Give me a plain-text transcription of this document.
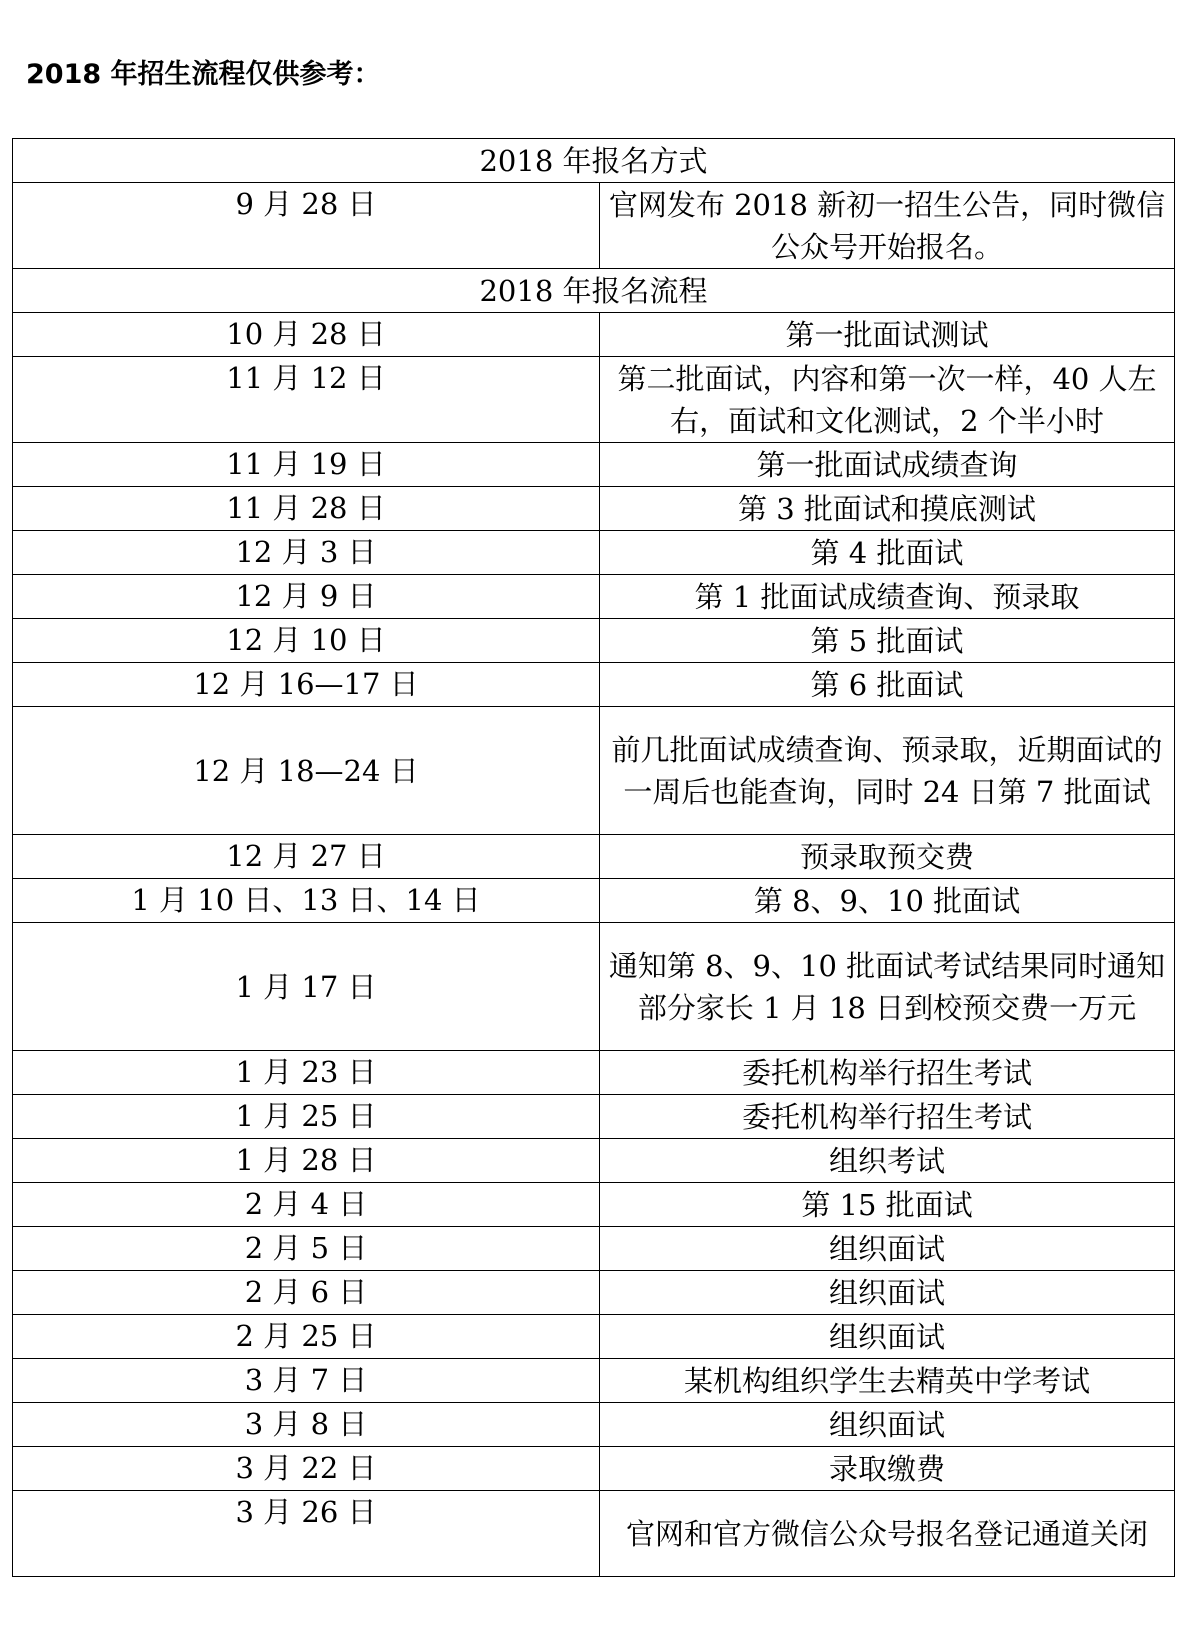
2018 年招生流程仅供参考：
2018 年报名方式	
9 月 28 日	官网发布 2018 新初一招生公告，同时微信公众号开始报名。
2018 年报名流程	
10 月 28 日	第一批面试测试
11 月 12 日	第二批面试，内容和第一次一样，40 人左右，面试和文化测试，2 个半小时
11 月 19 日	第一批面试成绩查询
11 月 28 日	第 3 批面试和摸底测试
12 月 3 日	第 4 批面试
12 月 9 日	第 1 批面试成绩查询、预录取
12 月 10 日	第 5 批面试
12 月 16—17 日	第 6 批面试
12 月 18—24 日	前几批面试成绩查询、预录取，近期面试的一周后也能查询，同时 24 日第 7 批面试
12 月 27 日	预录取预交费
1 月 10 日、13 日、14 日	第 8、9、10 批面试
1 月 17 日	通知第 8、9、10 批面试考试结果同时通知部分家长 1 月 18 日到校预交费一万元
1 月 23 日	委托机构举行招生考试
1 月 25 日	委托机构举行招生考试
1 月 28 日	组织考试
2 月 4 日	第 15 批面试
2 月 5 日	组织面试
2 月 6 日	组织面试
2 月 25 日	组织面试
3 月 7 日	某机构组织学生去精英中学考试
3 月 8 日	组织面试
3 月 22 日	录取缴费
3 月 26 日	官网和官方微信公众号报名登记通道关闭
